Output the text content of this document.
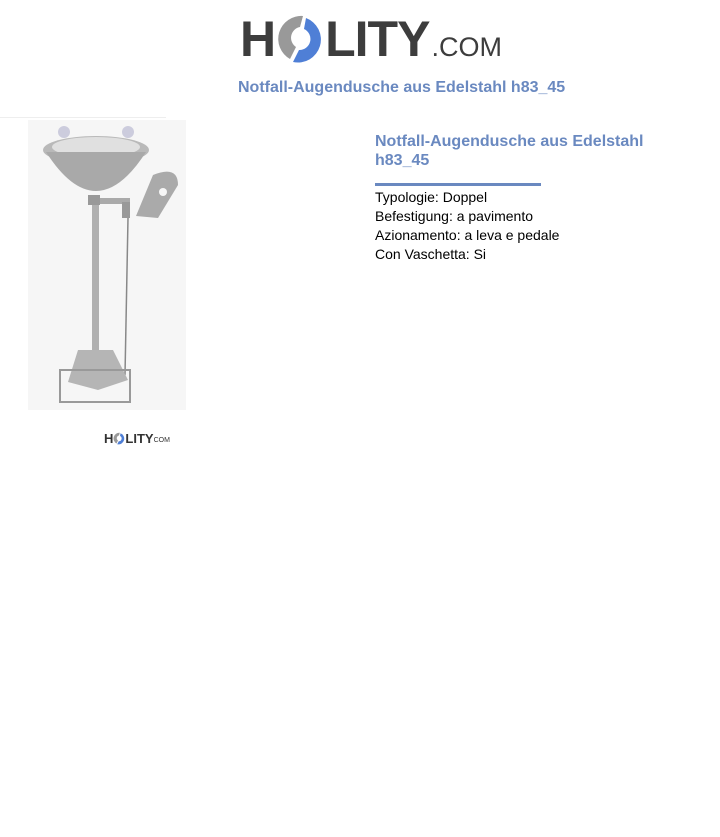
H LITY .COM
Notfall-Augendusche aus Edelstahl h83_45
H LITY COM
Notfall-Augendusche aus Edelstahl h83_45
Typologie: Doppel
Befestigung: a pavimento
Azionamento: a leva e pedale
Con Vaschetta: Si
